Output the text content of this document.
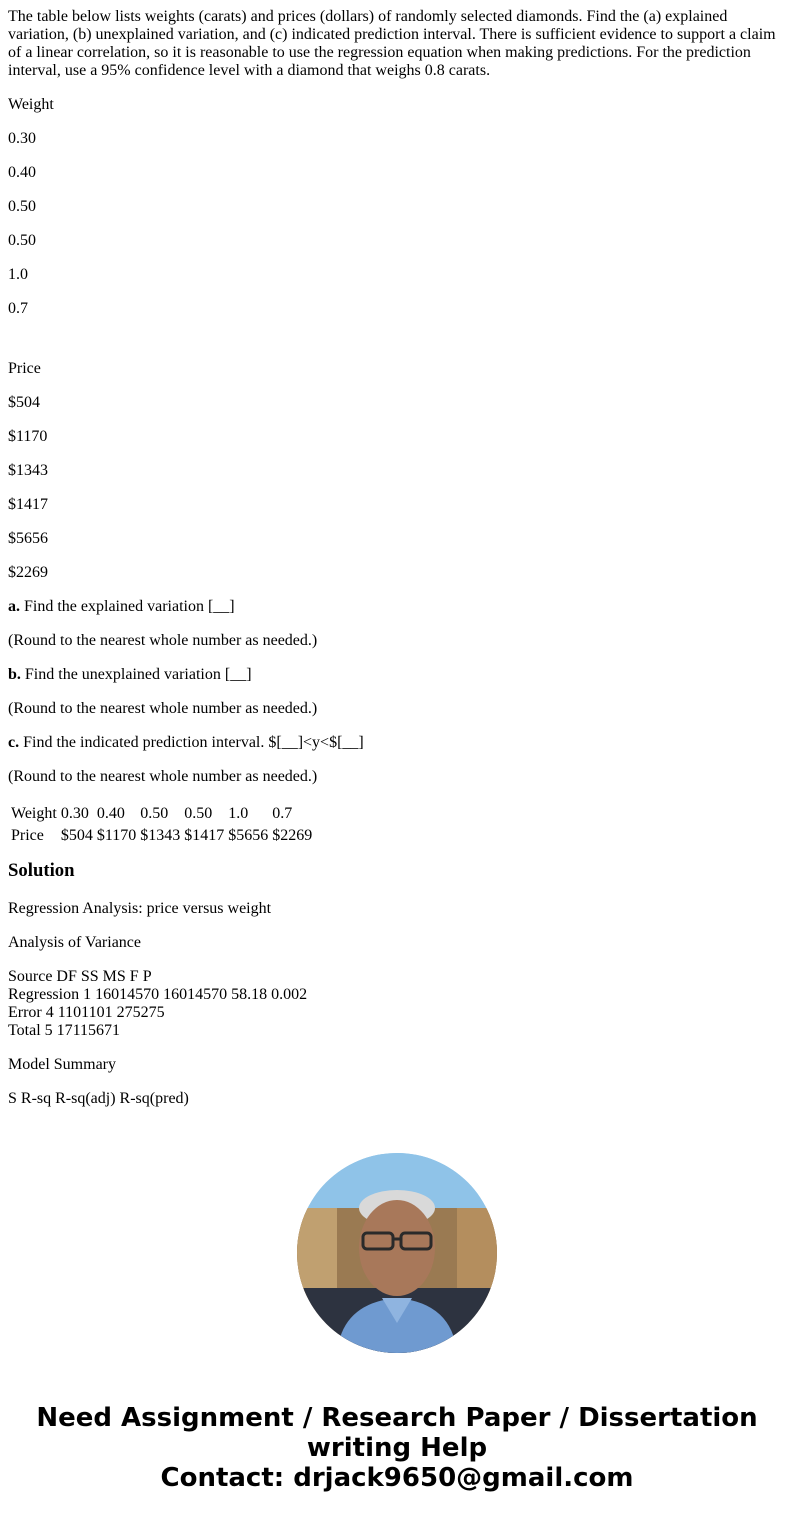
The table below lists weights (carats) and prices (dollars) of randomly selected diamonds. Find the (a) explained variation, (b) unexplained variation, and (c) indicated prediction interval. There is sufficient evidence to support a claim of a linear correlation, so it is reasonable to use the regression equation when making predictions. For the prediction interval, use a 95% confidence level with a diamond that weighs 0.8 carats.

Weight

0.30

0.40

0.50

0.50

1.0

0.7

Price

$504

$1170

$1343

$1417

$5656

$2269

a. Find the explained variation [__]

(Round to the nearest whole number as needed.)

b. Find the unexplained variation [__]

(Round to the nearest whole number as needed.)

c. Find the indicated prediction interval. $[__]<y<$[__]

(Round to the nearest whole number as needed.)

Weight	0.30	0.40	0.50	0.50	1.0	0.7
Price	$504	$1170	$1343	$1417	$5656	$2269
Solution

Regression Analysis: price versus weight

Analysis of Variance

Source DF SS MS F P

Regression 1 16014570 16014570 58.18 0.002

Error 4 1101101 275275

Total 5 17115671

Model Summary

S R-sq R-sq(adj) R-sq(pred)

Need Assignment / Research Paper / Dissertation
writing Help
Contact: drjack9650@gmail.com
